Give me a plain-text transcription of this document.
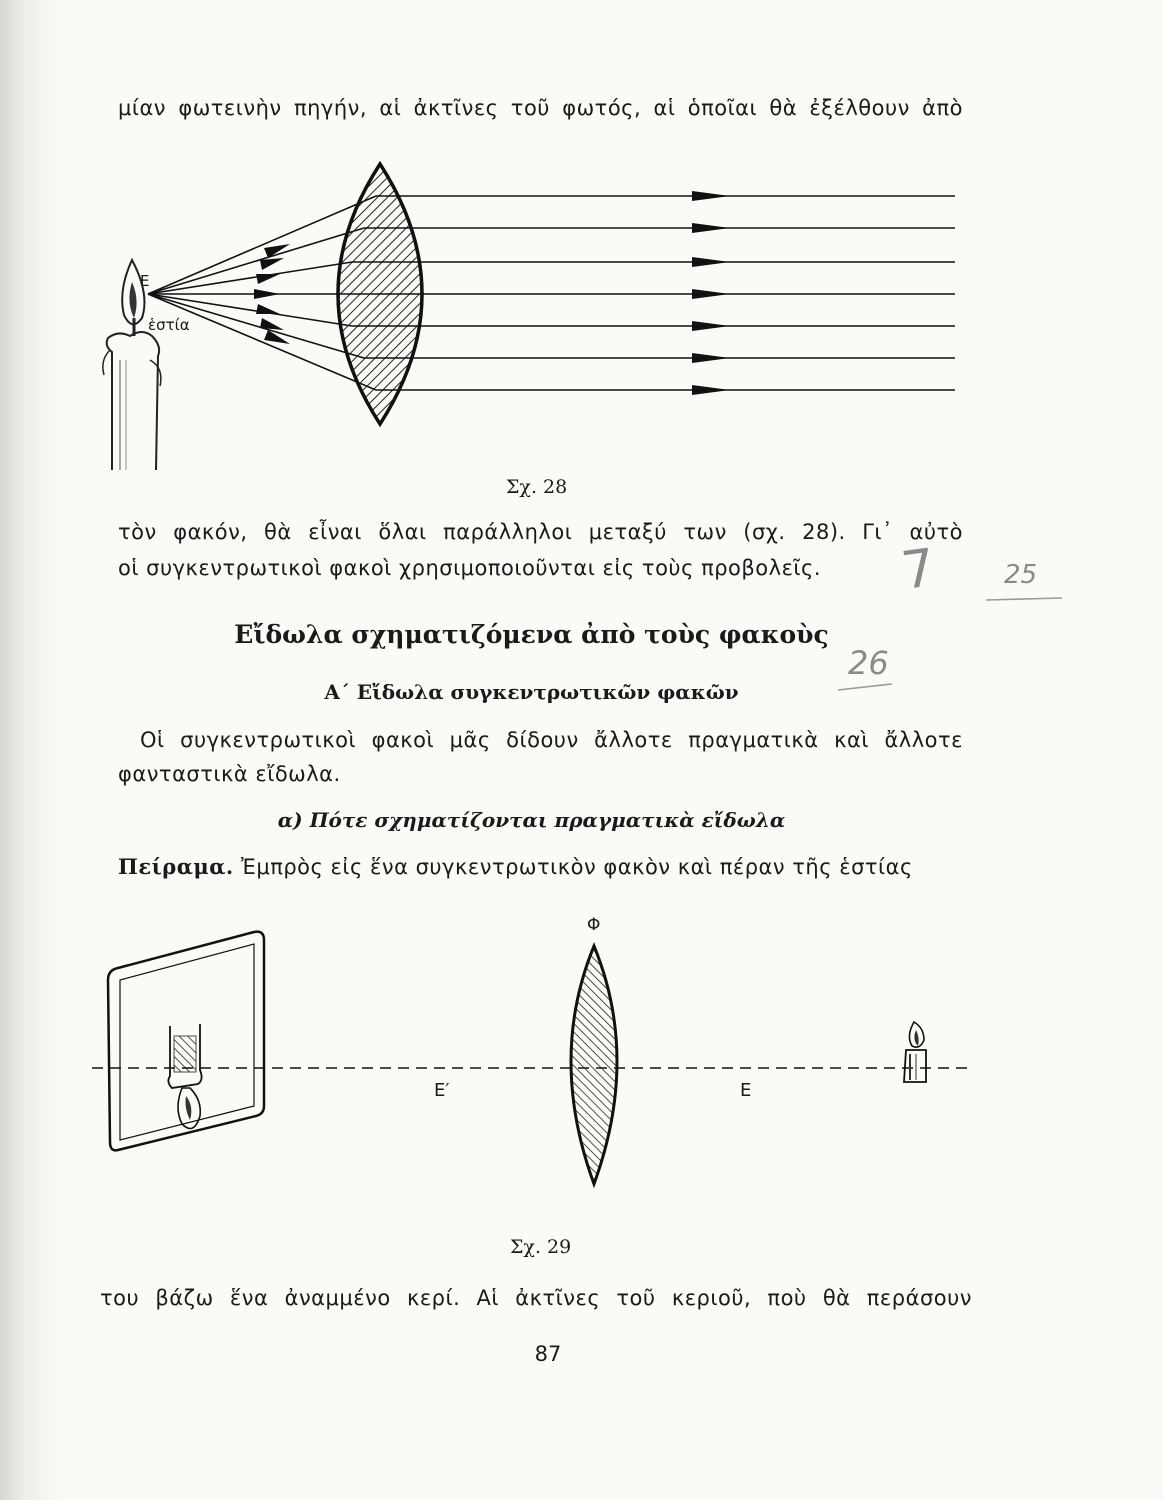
μίαν φωτεινὴν πηγήν, αἱ ἀκτῖνες τοῦ φωτός, αἱ ὁποῖαι θὰ ἐξέλθουν ἀπὸ
Ε
ἑστία
Σχ. 28
τὸν φακόν, θὰ εἶναι ὅλαι παράλληλοι μεταξύ των (σχ. 28). Γι᾽ αὐτὸ
οἱ συγκεντρωτικοὶ φακοὶ χρησιμοποιοῦνται εἰς τοὺς προβολεῖς.	7 25
26
Εἴδωλα σχηματιζόμενα ἀπὸ τοὺς φακοὺς
Α΄ Εἴδωλα συγκεντρωτικῶν φακῶν
Οἱ συγκεντρωτικοὶ φακοὶ μᾶς δίδουν ἄλλοτε πραγματικὰ καὶ ἄλλοτε
φανταστικὰ εἴδωλα.
α) Πότε σχηματίζονται πραγματικὰ εἴδωλα
Πείραμα. Ἐμπρὸς εἰς ἕνα συγκεντρωτικὸν φακὸν καὶ πέραν τῆς ἑστίας
Φ
Ε′	Ε
Σχ. 29
του βάζω ἕνα ἀναμμένο κερί. Αἱ ἀκτῖνες τοῦ κεριοῦ, ποὺ θὰ περάσουν
87
